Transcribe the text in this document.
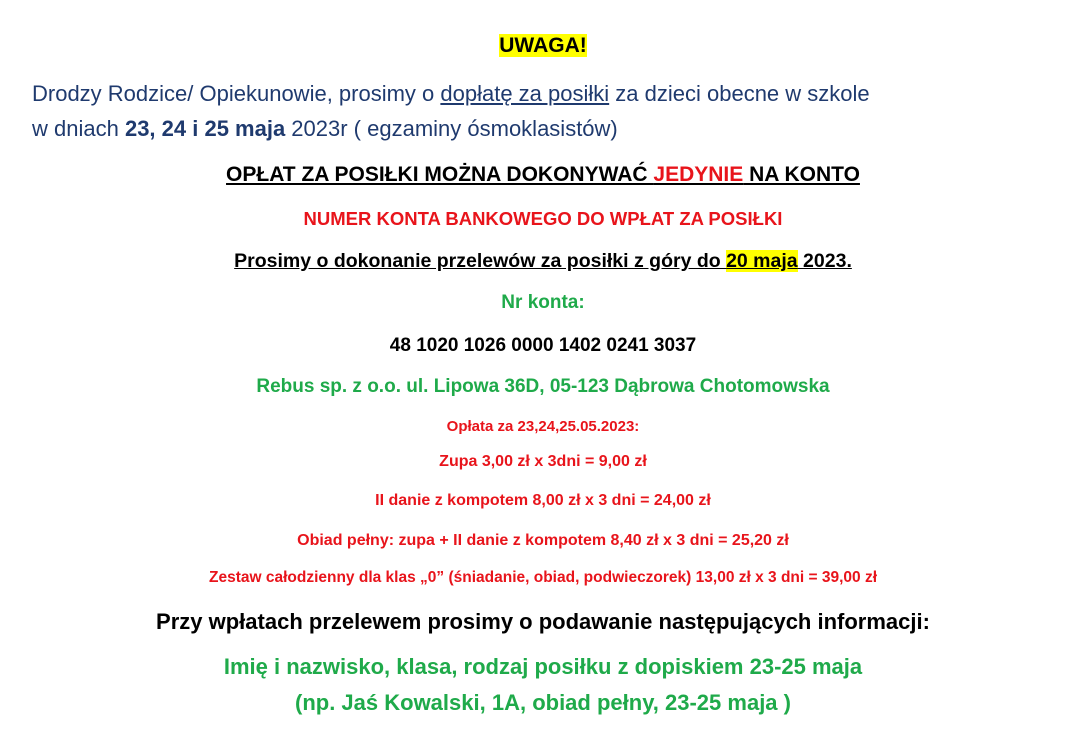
UWAGA!
Drodzy Rodzice/ Opiekunowie, prosimy o dopłatę za posiłki za dzieci obecne w szkole
w dniach 23, 24 i 25 maja 2023r ( egzaminy ósmoklasistów)
OPŁAT ZA POSIŁKI MOŻNA DOKONYWAĆ JEDYNIE NA KONTO
NUMER KONTA BANKOWEGO DO WPŁAT ZA POSIŁKI
Prosimy o dokonanie przelewów za posiłki z góry do 20 maja 2023.
Nr konta:
48 1020 1026 0000 1402 0241 3037
Rebus sp. z o.o. ul. Lipowa 36D, 05-123 Dąbrowa Chotomowska
Opłata za 23,24,25.05.2023:
Zupa 3,00 zł x 3dni = 9,00 zł
II danie z kompotem 8,00 zł x 3 dni = 24,00 zł
Obiad pełny: zupa + II danie z kompotem 8,40 zł x 3 dni = 25,20 zł
Zestaw całodzienny dla klas „0” (śniadanie, obiad, podwieczorek) 13,00 zł x 3 dni = 39,00 zł
Przy wpłatach przelewem prosimy o podawanie następujących informacji:
Imię i nazwisko, klasa, rodzaj posiłku z dopiskiem 23-25 maja
(np. Jaś Kowalski, 1A, obiad pełny, 23-25 maja )
